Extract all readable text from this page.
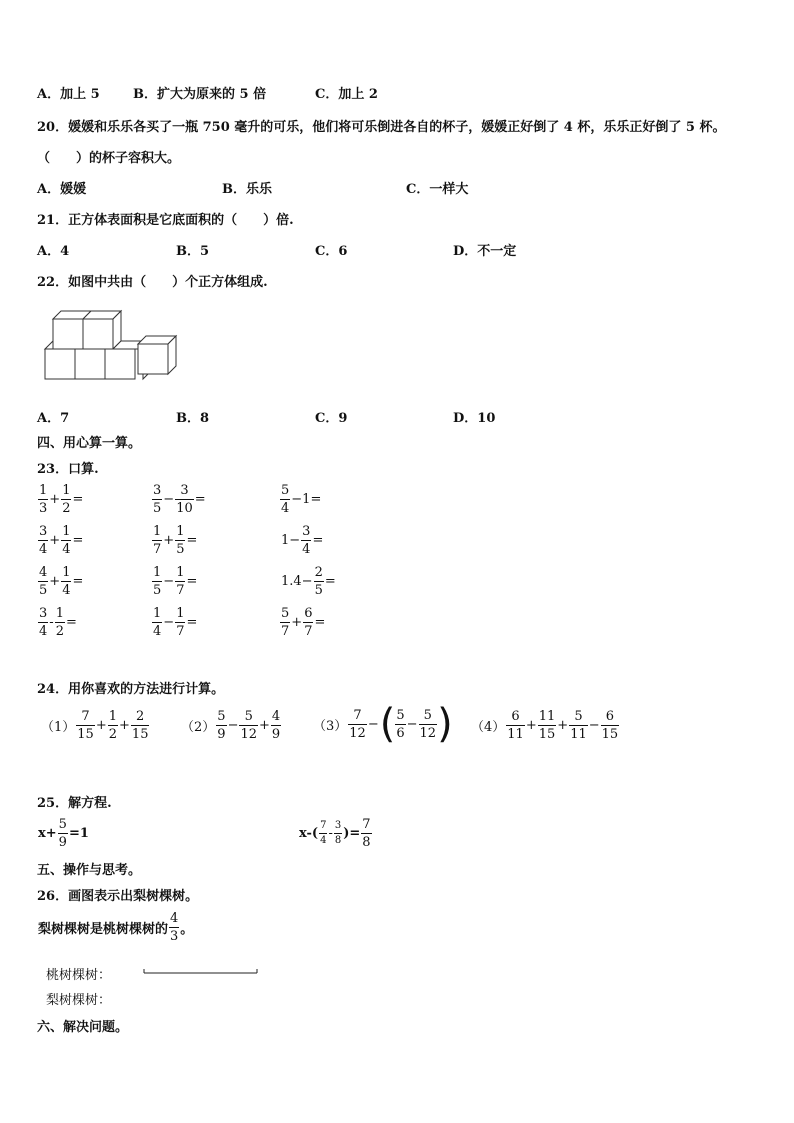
A．加上 5	B．扩大为原来的 5 倍	C．加上 2
20．媛媛和乐乐各买了一瓶 750 毫升的可乐，他们将可乐倒进各自的杯子，媛媛正好倒了 4 杯，乐乐正好倒了 5 杯。
（　　）的杯子容积大。
A．媛媛	B．乐乐	C．一样大
21．正方体表面积是它底面积的（　　）倍.
A．4	B．5	C．6	D．不一定
22．如图中共由（　　）个正方体组成.
A．7	B．8	C．9	D．10
四、用心算一算。
23．口算.
$\frac{1}{3} + \frac{1}{2}$ =	$\frac{3}{5} - \frac{3}{10}$ =	$\frac{5}{4} -1=$
$\frac{3}{4} + \frac{1}{4}$ =	$\frac{1}{7} + \frac{1}{5}$ =	$1- \frac{3}{4}$ =
$\frac{4}{5} + \frac{1}{4}$ =	$\frac{1}{5} - \frac{1}{7}$ =	$1.4- \frac{2}{5}$ =
$\frac{3}{4} - \frac{1}{2}$ =	$\frac{1}{4} - \frac{1}{7}$ =	$\frac{5}{7} + \frac{6}{7}$ =
24．用你喜欢的方法进行计算。
$(1) \frac{7}{15} + \frac{1}{2} + \frac{2}{15} (2) \frac{5}{9} - \frac{5}{12} + \frac{4}{9} (3) \frac{7}{12}$ −( $\frac{5}{6} - \frac{5}{12}$ ) $(4) \frac{6}{11} + \frac{11}{15} + \frac{5}{11} - \frac{6}{15}$
25．解方程.
$x+ \frac{5}{9} =1$	$x-( \frac{7}{4} - \frac{3}{8}$ )= $\frac{7}{8}$
五、操作与思考。
26．画图表示出梨树棵树。
梨树棵树是桃树棵树的 $\frac{4}{3}$ 。
桃树棵树：
梨树棵树：
六、解决问题。
